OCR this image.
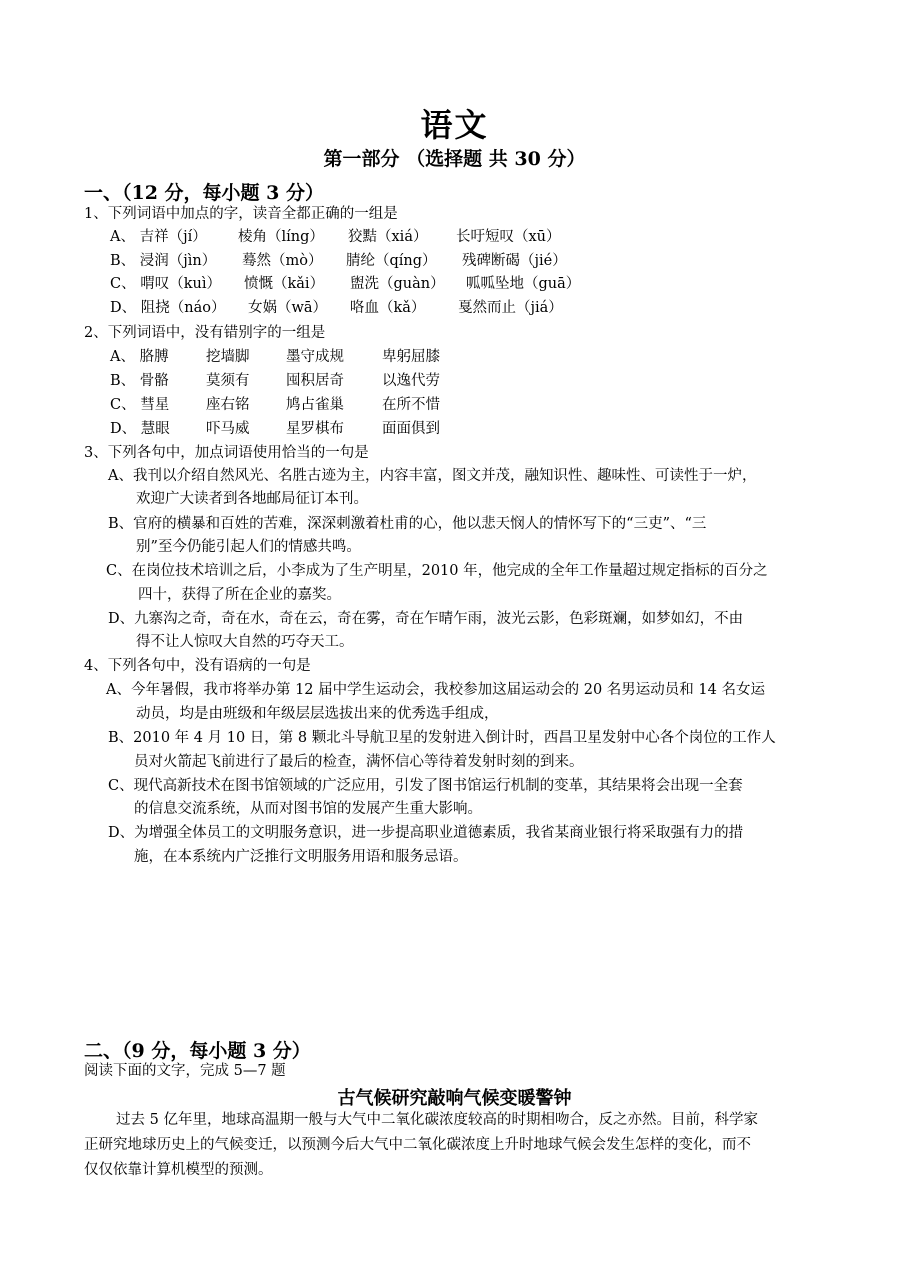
语文
第一部分 （选择题 共 30 分）
一、（12 分，每小题 3 分）
1、下列词语中加点的字，读音全都正确的一组是
A、 吉祥（jí） 棱角（líng） 狡黠（xiá） 长吁短叹（xū）
B、 浸润（jìn） 蓦然（mò） 腈纶（qíng） 残碑断碣（jié）
C、 喟叹（kuì） 愤慨（kǎi） 盥洗（guàn） 呱呱坠地（guā）
D、 阻挠（náo） 女娲（wā） 咯血（kǎ） 戛然而止（jiá）
2、下列词语中，没有错别字的一组是
A、 胳膊	挖墙脚	墨守成规	卑躬屈膝
B、 骨骼	莫须有	囤积居奇	以逸代劳
C、 彗星	座右铭	鸠占雀巢	在所不惜
D、 慧眼	吓马威	星罗棋布	面面俱到
3、下列各句中，加点词语使用恰当的一句是
A、我刊以介绍自然风光、名胜古迹为主，内容丰富，图文并茂，融知识性、趣味性、可读性于一炉，
欢迎广大读者到各地邮局征订本刊。
B、官府的横暴和百姓的苦难，深深刺激着杜甫的心，他以悲天悯人的情怀写下的“三吏”、“三
别”至今仍能引起人们的情感共鸣。
C、在岗位技术培训之后，小李成为了生产明星，2010 年，他完成的全年工作量超过规定指标的百分之
四十，获得了所在企业的嘉奖。
D、九寨沟之奇，奇在水，奇在云，奇在雾，奇在乍晴乍雨，波光云影，色彩斑斓，如梦如幻，不由
得不让人惊叹大自然的巧夺天工。
4、下列各句中，没有语病的一句是
A、今年暑假，我市将举办第 12 届中学生运动会，我校参加这届运动会的 20 名男运动员和 14 名女运
动员，均是由班级和年级层层选拔出来的优秀选手组成，
B、2010 年 4 月 10 日，第 8 颗北斗导航卫星的发射进入倒计时，西昌卫星发射中心各个岗位的工作人
员对火箭起飞前进行了最后的检查，满怀信心等待着发射时刻的到来。
C、现代高新技术在图书馆领域的广泛应用，引发了图书馆运行机制的变革，其结果将会出现一全套
的信息交流系统，从而对图书馆的发展产生重大影响。
D、为增强全体员工的文明服务意识，进一步提高职业道德素质，我省某商业银行将采取强有力的措
施，在本系统内广泛推行文明服务用语和服务忌语。
二、（9 分，每小题 3 分）
阅读下面的文字，完成 5—7 题
古气候研究敲响气候变暖警钟
过去 5 亿年里，地球高温期一般与大气中二氧化碳浓度较高的时期相吻合，反之亦然。目前，科学家
正研究地球历史上的气候变迁，以预测今后大气中二氧化碳浓度上升时地球气候会发生怎样的变化，而不
仅仅依靠计算机模型的预测。
